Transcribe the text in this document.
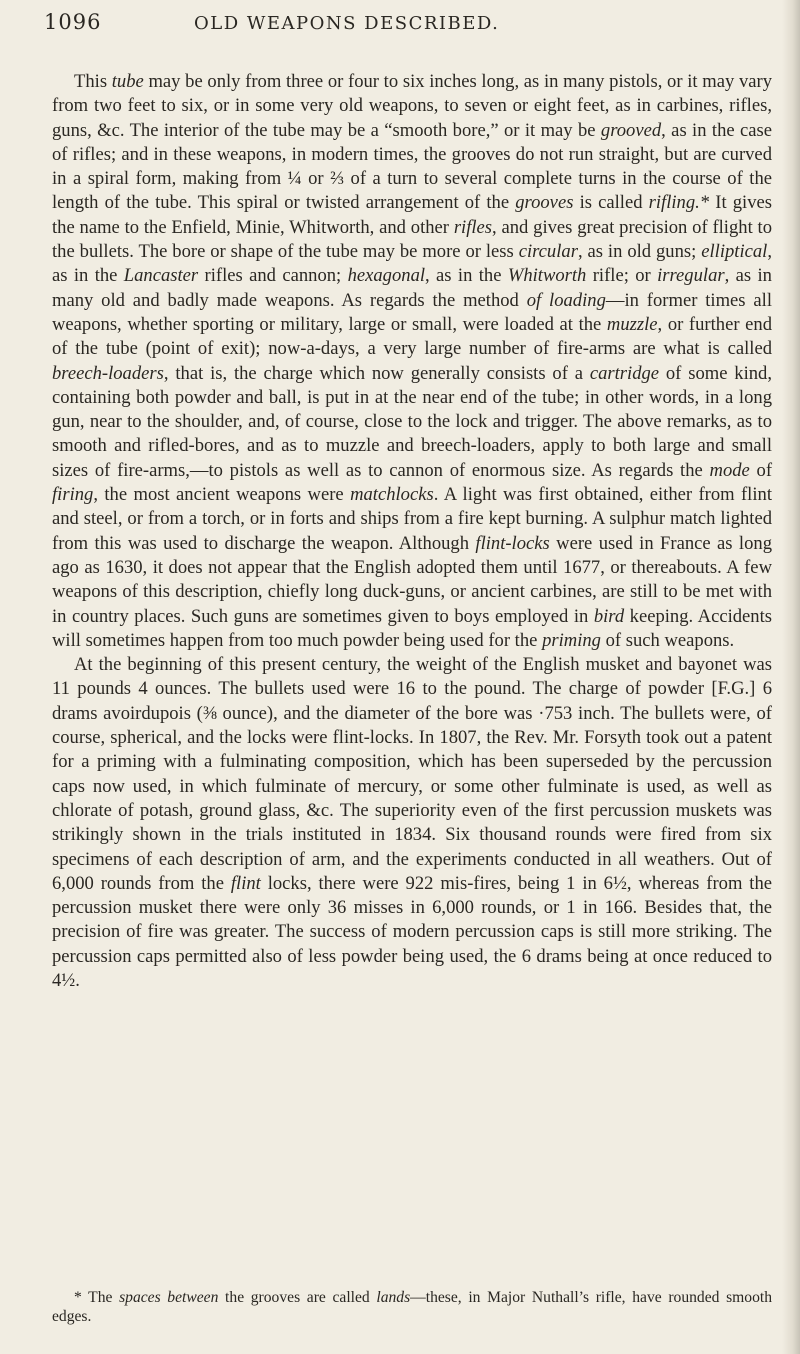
1096	OLD WEAPONS DESCRIBED.

This tube may be only from three or four to six inches long, as in many pistols, or it may vary from two feet to six, or in some very old weapons, to seven or eight feet, as in carbines, rifles, guns, &c. The interior of the tube may be a “smooth bore,” or it may be grooved, as in the case of rifles; and in these weapons, in modern times, the grooves do not run straight, but are curved in a spiral form, making from ¼ or ⅔ of a turn to several complete turns in the course of the length of the tube. This spiral or twisted arrangement of the grooves is called rifling.* It gives the name to the Enfield, Minie, Whitworth, and other rifles, and gives great precision of flight to the bullets. The bore or shape of the tube may be more or less circular, as in old guns; elliptical, as in the Lancaster rifles and cannon; hexagonal, as in the Whitworth rifle; or irregular, as in many old and badly made weapons. As regards the method of loading—in former times all weapons, whether sporting or military, large or small, were loaded at the muzzle, or further end of the tube (point of exit); now-a-days, a very large number of fire-arms are what is called breech-loaders, that is, the charge which now generally consists of a cartridge of some kind, containing both powder and ball, is put in at the near end of the tube; in other words, in a long gun, near to the shoulder, and, of course, close to the lock and trigger. The above remarks, as to smooth and rifled-bores, and as to muzzle and breech-loaders, apply to both large and small sizes of fire-arms,—to pistols as well as to cannon of enormous size. As regards the mode of firing, the most ancient weapons were matchlocks. A light was first obtained, either from flint and steel, or from a torch, or in forts and ships from a fire kept burning. A sulphur match lighted from this was used to discharge the weapon. Although flint-locks were used in France as long ago as 1630, it does not appear that the English adopted them until 1677, or thereabouts. A few weapons of this description, chiefly long duck-guns, or ancient carbines, are still to be met with in country places. Such guns are sometimes given to boys employed in bird keeping. Accidents will sometimes happen from too much powder being used for the priming of such weapons.

At the beginning of this present century, the weight of the English musket and bayonet was 11 pounds 4 ounces. The bullets used were 16 to the pound. The charge of powder [F.G.] 6 drams avoirdupois (⅜ ounce), and the diameter of the bore was ·753 inch. The bullets were, of course, spherical, and the locks were flint-locks. In 1807, the Rev. Mr. Forsyth took out a patent for a priming with a fulminating composition, which has been superseded by the percussion caps now used, in which fulminate of mercury, or some other fulminate is used, as well as chlorate of potash, ground glass, &c. The superiority even of the first percussion muskets was strikingly shown in the trials instituted in 1834. Six thousand rounds were fired from six specimens of each description of arm, and the experiments conducted in all weathers. Out of 6,000 rounds from the flint locks, there were 922 mis-fires, being 1 in 6½, whereas from the percussion musket there were only 36 misses in 6,000 rounds, or 1 in 166. Besides that, the precision of fire was greater. The success of modern percussion caps is still more striking. The percussion caps permitted also of less powder being used, the 6 drams being at once reduced to 4½.

* The spaces between the grooves are called lands—these, in Major Nuthall’s rifle, have rounded smooth edges.
